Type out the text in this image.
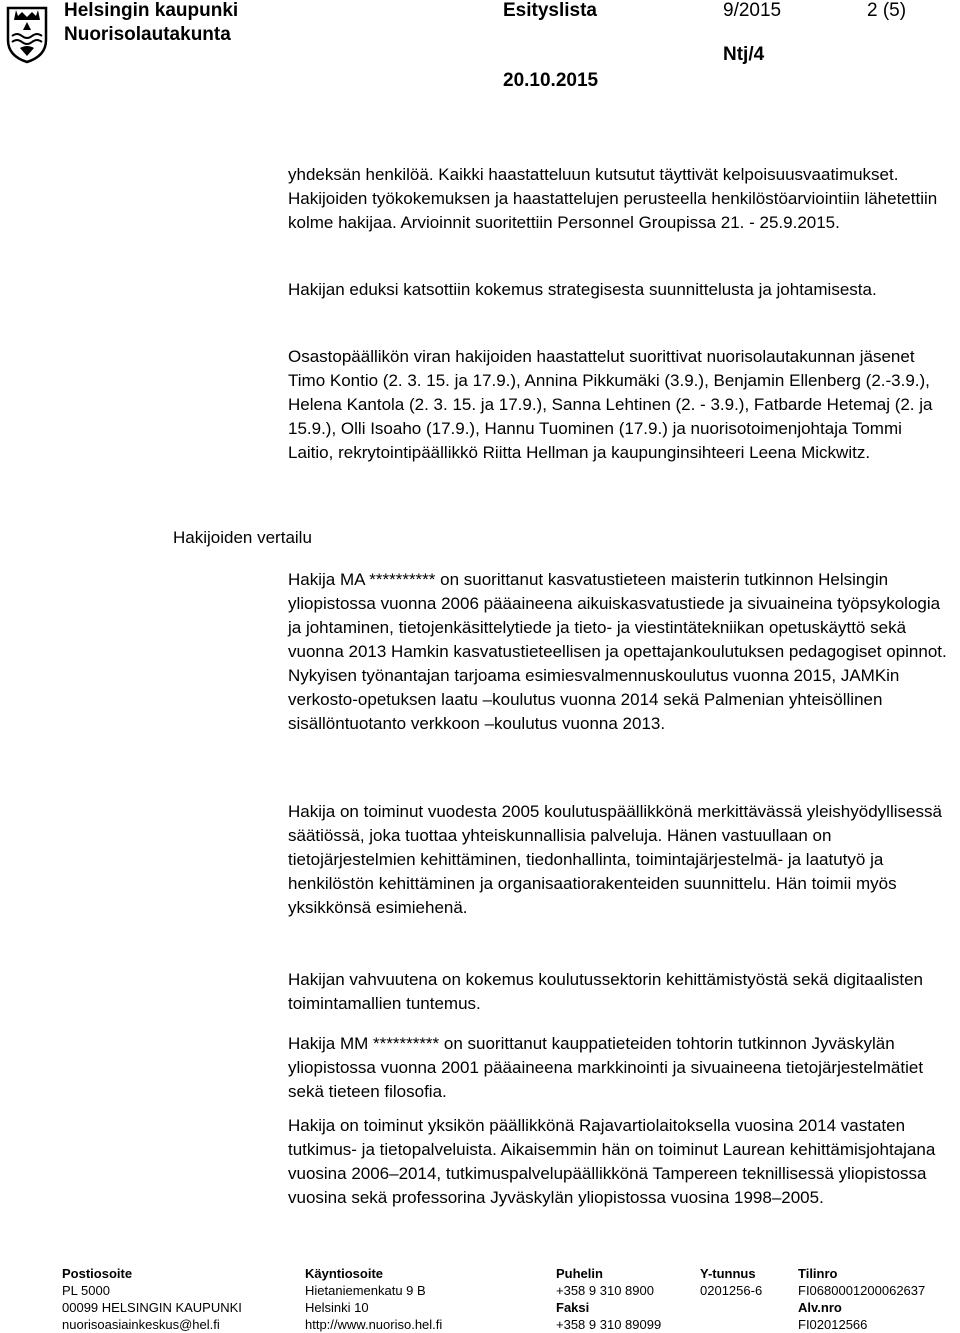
Helsingin kaupunki
Nuorisolautakunta
Esityslista	9/2015	2 (5)
Ntj/4
20.10.2015

yhdeksän henkilöä. Kaikki haastatteluun kutsutut täyttivät kelpoisuusvaatimukset. Hakijoiden työkokemuksen ja haastattelujen perusteella henkilöstöarviointiin lähetettiin kolme hakijaa. Arvioinnit suoritettiin Personnel Groupissa 21. - 25.9.2015.

Hakijan eduksi katsottiin kokemus strategisesta suunnittelusta ja johtamisesta.

Osastopäällikön viran hakijoiden haastattelut suorittivat nuorisolautakunnan jäsenet Timo Kontio (2. 3. 15. ja 17.9.), Annina Pikkumäki (3.9.), Benjamin Ellenberg (2.-3.9.), Helena Kantola (2. 3. 15. ja 17.9.), Sanna Lehtinen (2. - 3.9.), Fatbarde Hetemaj (2. ja 15.9.), Olli Isoaho (17.9.), Hannu Tuominen (17.9.) ja nuorisotoimenjohtaja Tommi Laitio, rekrytointipäällikkö Riitta Hellman ja kaupunginsihteeri Leena Mickwitz.

Hakijoiden vertailu

Hakija MA ********** on suorittanut kasvatustieteen maisterin tutkinnon Helsingin yliopistossa vuonna 2006 pääaineena aikuiskasvatustiede ja sivuaineina työpsykologia ja johtaminen, tietojenkäsittelytiede ja tieto- ja viestintätekniikan opetuskäyttö sekä vuonna 2013 Hamkin kasvatustieteellisen ja opettajankoulutuksen pedagogiset opinnot. Nykyisen työnantajan tarjoama esimiesvalmennuskoulutus vuonna 2015, JAMKin verkosto-opetuksen laatu –koulutus vuonna 2014 sekä Palmenian yhteisöllinen sisällöntuotanto verkkoon –koulutus vuonna 2013.

Hakija on toiminut vuodesta 2005 koulutuspäällikkönä merkittävässä yleishyödyllisessä säätiössä, joka tuottaa yhteiskunnallisia palveluja. Hänen vastuullaan on tietojärjestelmien kehittäminen, tiedonhallinta, toimintajärjestelmä- ja laatutyö ja henkilöstön kehittäminen ja organisaatiorakenteiden suunnittelu. Hän toimii myös yksikkönsä esimiehenä.

Hakijan vahvuutena on kokemus koulutussektorin kehittämistyöstä sekä digitaalisten toimintamallien tuntemus.

Hakija MM ********** on suorittanut kauppatieteiden tohtorin tutkinnon Jyväskylän yliopistossa vuonna 2001 pääaineena markkinointi ja sivuaineena tietojärjestelmätiet sekä tieteen filosofia.

Hakija on toiminut yksikön päällikkönä Rajavartiolaitoksella vuosina 2014 vastaten tutkimus- ja tietopalveluista. Aikaisemmin hän on toiminut Laurean kehittämisjohtajana vuosina 2006–2014, tutkimuspalvelupäällikkönä Tampereen teknillisessä yliopistossa vuosina sekä professorina Jyväskylän yliopistossa vuosina 1998–2005.

Postiosoite
PL 5000
00099 HELSINGIN KAUPUNKI
nuorisoasiainkeskus@hel.fi
Käyntiosoite
Hietaniemenkatu 9 B
Helsinki 10
http://www.nuoriso.hel.fi
Puhelin
+358 9 310 8900
Faksi
+358 9 310 89099
Y-tunnus
0201256-6
Tilinro
FI0680001200062637
Alv.nro
FI02012566
